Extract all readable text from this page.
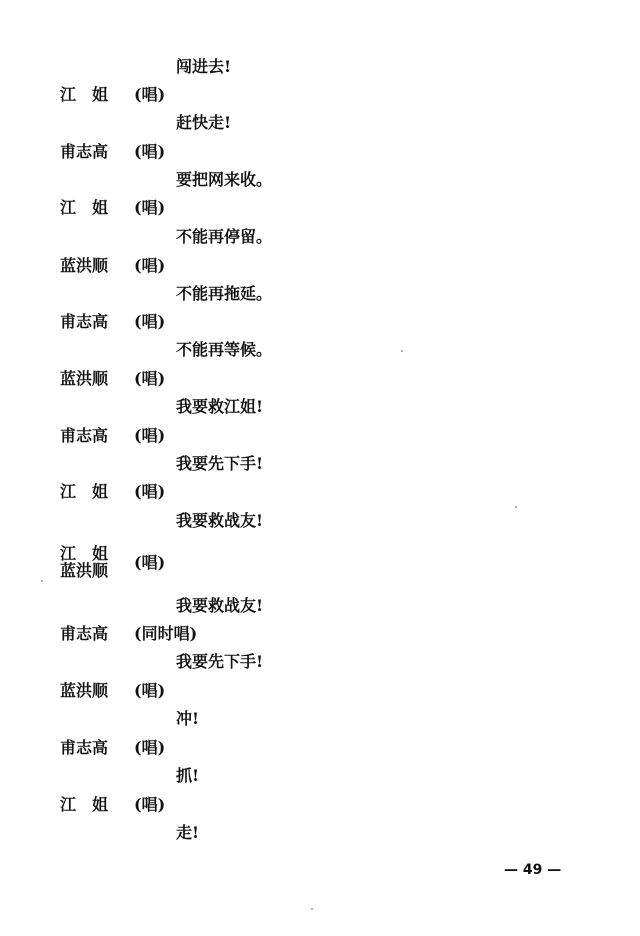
闯进去!
江　姐 (唱)
赶快走!
甫志高 (唱)
要把网来收。
江　姐 (唱)
不能再停留。
蓝洪顺 (唱)
不能再拖延。
甫志高 (唱)
不能再等候。
蓝洪顺 (唱)
我要救江姐!
甫志高 (唱)
我要先下手!
江　姐 (唱)
我要救战友!
江　姐
蓝洪顺 (唱)
我要救战友!
甫志高 (同时唱)
我要先下手!
蓝洪顺 (唱)
冲!
甫志高 (唱)
抓!
江　姐 (唱)
走!
— 49 —
